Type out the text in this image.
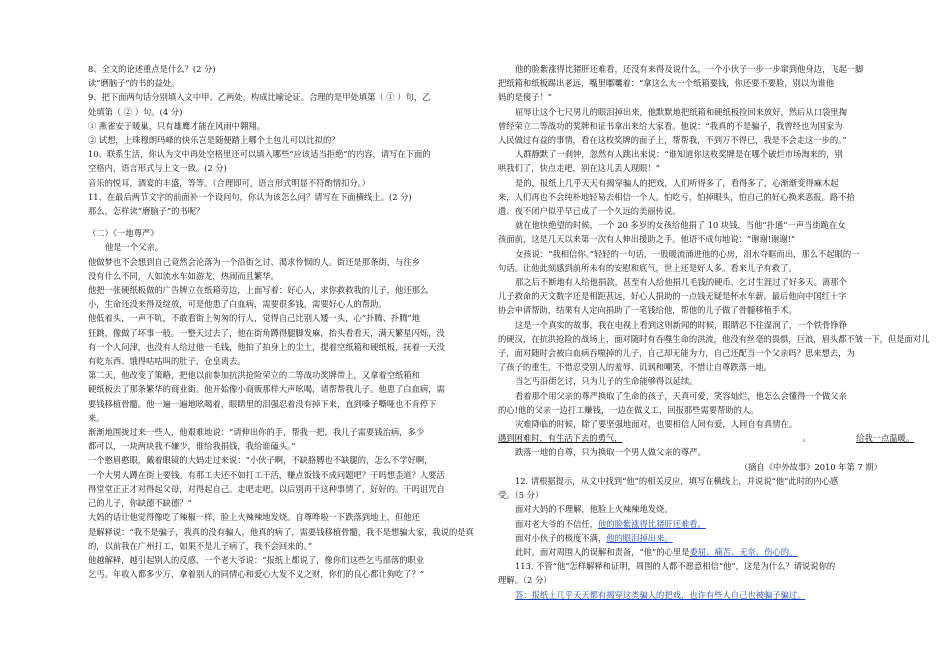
8、全文的论述重点是什么？(2 分)
读“磨脑子”的书的益处。
9、把下面两句话分别填入文中甲、乙两处，构成比喻论证。合理的是甲处填第（ ① ）句，乙
处填第（ ② ）句。(4 分)
① 燕雀安于暖巢，只有雄鹰才能在风雨中翱翔。
② 试想，上珠穆朗玛峰的快乐岂是随便踏上哪个土包儿可以比拟的？
10、联系生活，你认为文中再处空格里还可以填入哪些“应该适当拒绝”的内容，请写在下面的
空格内，语言形式与上文一致。(2 分)
音乐的悦耳，酒宴的丰盛，等等。（合理即可，语言形式明显不符酌情扣分。）
11、在最后两节文字的前面补一个设问句，你认为该怎么问？请写在下面横线上。(2 分)
那么，怎样读“磨脑子”的书呢？
（二）《一地尊严》
他是一个父亲。
他做梦也不会想到自己竟然会沦落为一个沿街乞讨、渴求怜悯的人。街还是那条街，与往乡
没有什么不同，人如流水车如游龙，热闹而且繁华。
他把一张硬纸板做的广告牌立在纸箱旁边，上面写着：好心人，求你救救我的儿子，他还那么
小，生命还没来得及绽放，可是他患了白血病，需要很多钱，需要好心人的帮助。
他低着头，一声不吭，不敢看街上匆匆的行人，觉得自己比别人矮一头，心“扑腾、扑腾”地
狂跳，像做了坏事一般。一整天过去了，他在街角蹲得腿脚发麻，抬头看看天，满天繁星闪烁，没
有一个人问津，也没有人给过他一毛钱，他拍了拍身上的尘土，提着空纸箱和硬纸板，抚着一天没
有吃东西、饿得咕咕叫的肚子，仓皇离去。
第二天，他改变了策略，把他以前参加抗洪抢险荣立的二等战功奖牌带上，又拿着空纸箱和
硬纸板去了那条繁华的商业街。他开始像小商贩那样大声吆喝，请帮帮我儿子。他患了白血病，需
要钱移植骨髓。他一遍一遍地吆喝着，眼睛里的泪强忍着没有掉下来，直到嗓子嘶哑也不肯停下
来。
渐渐地围拢过来一些人，他艰难地说：“请伸出你的手，帮我一把，我儿子需要钱治病，多少
都可以，一块两块我不嫌少，谁给我捐钱，我给谁磕头。”
一个憨眉憨眼，戴着眼镜的大妈走过来说：“小伙子啊，不缺胳膊也不缺腿的，怎么不学好啊，
一个大男人蹲在街上要钱。有那工夫还不如打工干活，赚点饭钱不成问题吧？干吗想歪道？人要活
得堂堂正正才对得起父母，对得起自己。走吧走吧。以后别再干这种事情了，好好的。干吗诅咒自
己的儿子，你缺德不缺德？”
大妈的话让他觉得像吃了辣椒一样，脸上火辣辣地发烧。自尊哗啦一下跌落到地上，但他还
是解释说：“我不是骗子，我真的没有骗人，他真的病了，需要钱移植骨髓，我不是想骗大家，我说的是真
的，以前我在广州打工，如果不是儿子病了，我不会回来的。”
他越解释，越引起别人的反感，一个老大爷说：“报纸上都说了，像你们这些乞丐部落的职业
乞丐。年收入都多少万，拿着别人的同情心和爱心大发不义之财，你们的良心都让狗吃了？”
他的脸紫涨得比猪肝还难看，还没有来得及说什么，一个小伙子一步一步窜到他身边，飞起一脚
把纸箱和纸板踢出老远，嘴里嘟囔着：“拿这么大一个纸箱要钱，你还要不要脸，别以为谁他
妈的是傻子！”
屈辱让这个七尺男儿的眼泪掉出来，他默默地把纸箱和硬纸板捡回来放好，然后从口袋里掏
曾经荣立二等战功的奖牌和证书拿出来给大家看。他说：“我真的不是骗子，我曾经也为国家为
人民做过有益的事情，看在这枚奖牌的面子上，帮帮我，不到万不得已，我是不会走这一步的。”
人群静默了一刹钟，忽然有人跳出来说：“谁知道你这枚奖牌是在哪个破烂市场淘来的，别
哄我们了，快点走吧，别在这儿丢人现眼！”
是的，报纸上几乎天天有揭穿骗人的把戏，人们听得多了，看得多了，心渐渐变得麻木起
来，人们再也不会纯朴地轻易去相信一个人。怕吃亏，怕掉眼头，怕自己的好心换来恶报。路不拾
遗、夜不闭户似乎早已成了一个久远的美丽传说。
就在他快绝望的时候，一个 20 多岁的女孩给他捐了 10 块钱，当他“扑通”一声当街跪在女
孩面前，这是几天以来第一次有人伸出援助之手。他语不成句地说：“谢谢!谢谢!”
女孩说：“我相信你。”轻轻的一句话，一股暖流涌进他的心房，泪水夺眶而出，那么不起眼的一
句话。让他此刻感到前所未有的安慰和底气，世上还是好人多。看来儿子有救了。
那之后不断地有人给他捐款，甚至有人给他捐几毛钱的硬币，乞讨生涯过了好多天。离那个
儿子救命的天文数字还是相距甚远，好心人捐助的一点钱无疑是杯水车薪。最后他向中国红十字
协会申请帮助，结果有人定向捐助了一笔钱给他，帮他的儿子做了骨髓移植手术。
这是一个真实的故事，我在电视上看到这则新闻的时候，眼睛忍不住湿润了，一个铁骨铮铮
的硬汉，在抗洪抢险的战场上，面对随时有吞噬生命的洪流，他没有丝毫的畏惧，巨浪，眉头都不皱一下，但是面对儿
子，面对随时会被白血病吞噬掉的儿子，自己却无能为力，自己还配当一个父亲吗？思来想去，为
了孩子的重生，不惜忍受别人的羞辱、讥讽和嘲笑，不惜让自尊跌落一地。
当乞丐沿街乞讨，只为儿子的生命能够得以延续。
看着那个用父亲的尊严换取了生命的孩子，天真可爱，笑容灿烂，他怎么会懂得一个做父亲
的心!他的父亲一边打工赚钱，一边在做义工，回报那些需要帮助的人。
灾难降临的时候，除了要坚强地面对，也要相信人间有爱，人间自有真情在。
遇到困难时，有生活下去的勇气，	。	给我一点温暖。
跌落一地的自尊，只为换取一个男人做父亲的尊严。
（摘自《中外故事》2010 年第 7 期）
12. 请根据提示，从文中找到“他”的相关反应，填写在横线上，并说说“他”此时的内心感
受。（5 分）
面对大妈的不理解，他脸上火辣辣地发烧。
面对老大爷的不信任，他的脸紫涨得比猪肝还难看。
面对小伙子的极度不满，他的眼泪掉出来。
此时，面对周围人的误解和责备，“他”的心里是委屈、痛苦、无奈、伤心的。
113. 不管“他”怎样解释和证明，周围的人都不愿意相信“他”，这是为什么？请说说你的
理解。（2 分）
答：报纸上几乎天天都有揭穿这类骗人的把戏，也许有些人自己也被骗子骗过。
